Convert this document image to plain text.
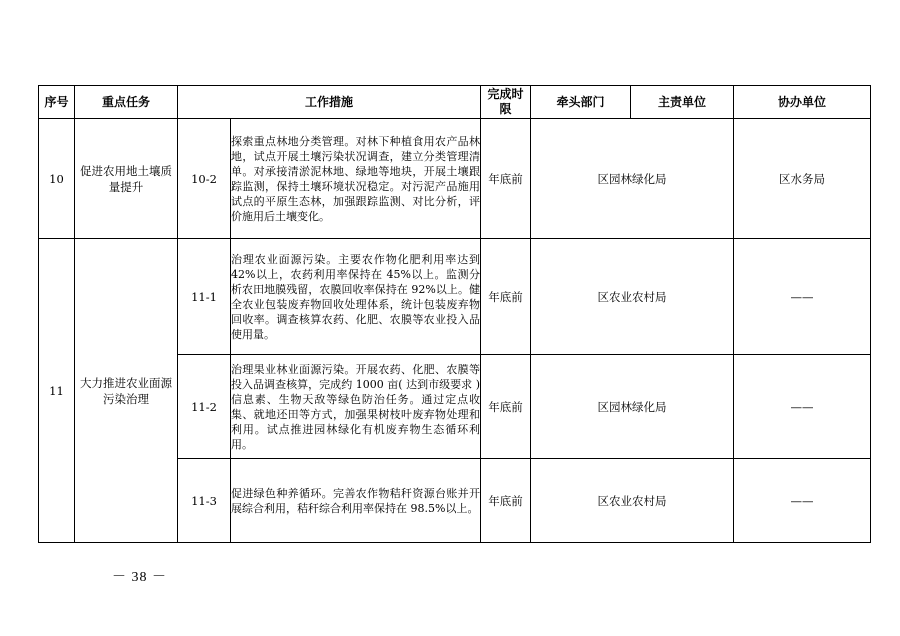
序号	重点任务	工作措施		完成时限	牵头部门	主责单位	协办单位
10	促进农用地土壤质量提升	10-2	探索重点林地分类管理。对林下种植食用农产品林地，试点开展土壤污染状况调查，建立分类管理清单。对承接清淤泥林地、绿地等地块，开展土壤跟踪监测，保持土壤环境状况稳定。对污泥产品施用试点的平原生态林，加强跟踪监测、对比分析，评价施用后土壤变化。	年底前	区园林绿化局		区水务局
11	大力推进农业面源污染治理	11-1	治理农业面源污染。主要农作物化肥利用率达到 42%以上，农药利用率保持在 45%以上。监测分析农田地膜残留，农膜回收率保持在 92%以上。健全农业包装废弃物回收处理体系，统计包装废弃物回收率。调查核算农药、化肥、农膜等农业投入品使用量。	年底前	区农业农村局		——
		11-2	治理果业林业面源污染。开展农药、化肥、农膜等投入品调查核算，完成约 1000 亩( 达到市级要求 ) 信息素、生物天敌等绿色防治任务。通过定点收集、就地还田等方式，加强果树枝叶废弃物处理和利用。试点推进园林绿化有机废弃物生态循环利用。	年底前	区园林绿化局		——
		11-3	促进绿色种养循环。完善农作物秸秆资源台账并开展综合利用，秸秆综合利用率保持在 98.5%以上。	年底前	区农业农村局		——
－ 38 －
